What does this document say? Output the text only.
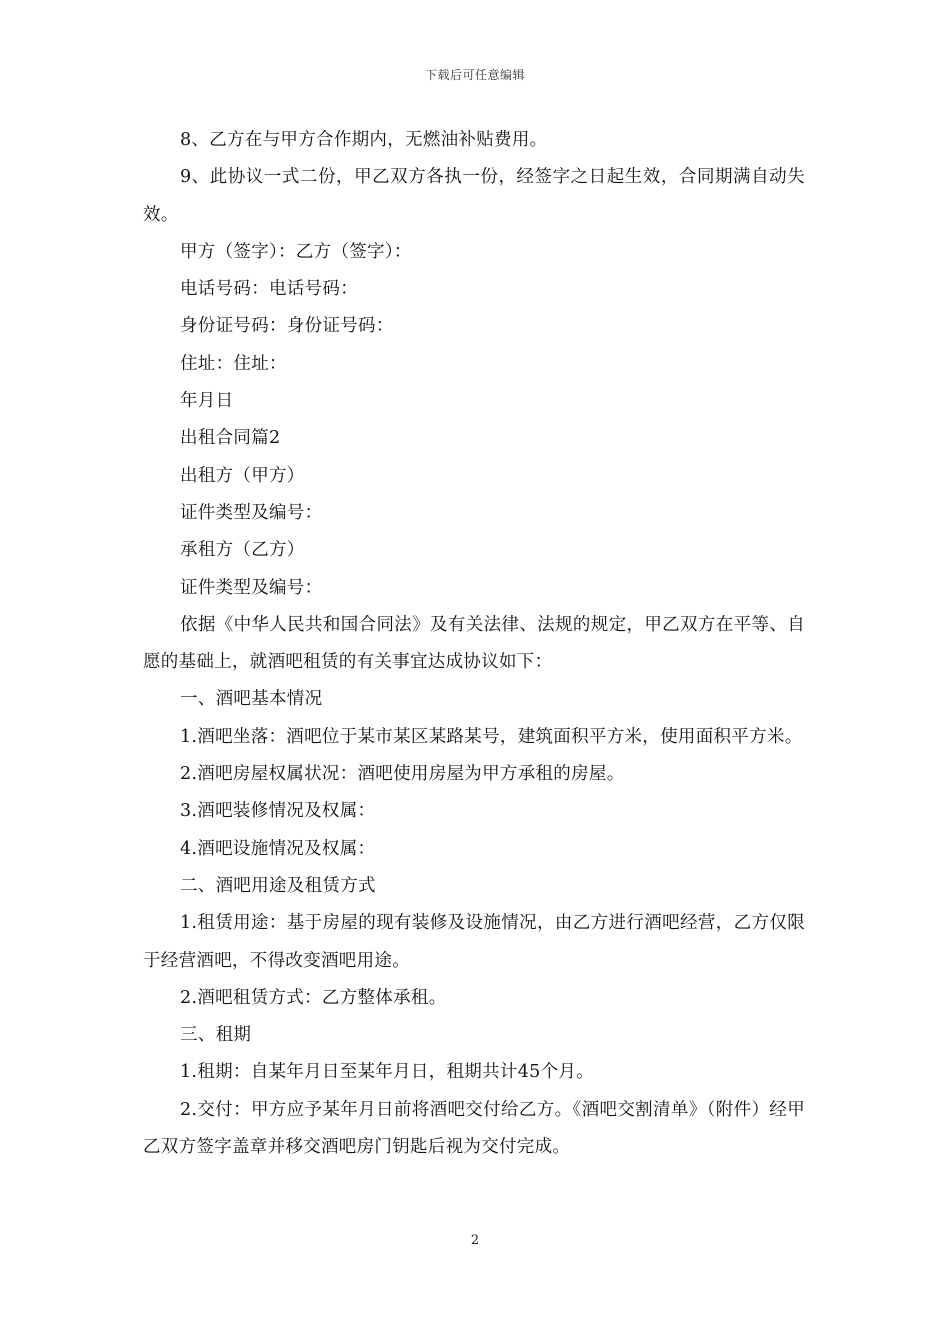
下载后可任意编辑

8、乙方在与甲方合作期内，无燃油补贴费用。

9、此协议一式二份，甲乙双方各执一份，经签字之日起生效，合同期满自动失效。

甲方（签字）：乙方（签字）：

电话号码：电话号码：

身份证号码：身份证号码：

住址：住址：

年月日

出租合同篇2

出租方（甲方）

证件类型及编号：

承租方（乙方）

证件类型及编号：

依据《中华人民共和国合同法》及有关法律、法规的规定，甲乙双方在平等、自愿的基础上，就酒吧租赁的有关事宜达成协议如下：

一、酒吧基本情况

1.酒吧坐落：酒吧位于某市某区某路某号，建筑面积平方米，使用面积平方米。

2.酒吧房屋权属状况：酒吧使用房屋为甲方承租的房屋。

3.酒吧装修情况及权属：

4.酒吧设施情况及权属：

二、酒吧用途及租赁方式

1.租赁用途：基于房屋的现有装修及设施情况，由乙方进行酒吧经营，乙方仅限于经营酒吧，不得改变酒吧用途。

2.酒吧租赁方式：乙方整体承租。

三、租期

1.租期：自某年月日至某年月日，租期共计45个月。

2.交付：甲方应予某年月日前将酒吧交付给乙方。《酒吧交割清单》（附件）经甲乙双方签字盖章并移交酒吧房门钥匙后视为交付完成。

2
